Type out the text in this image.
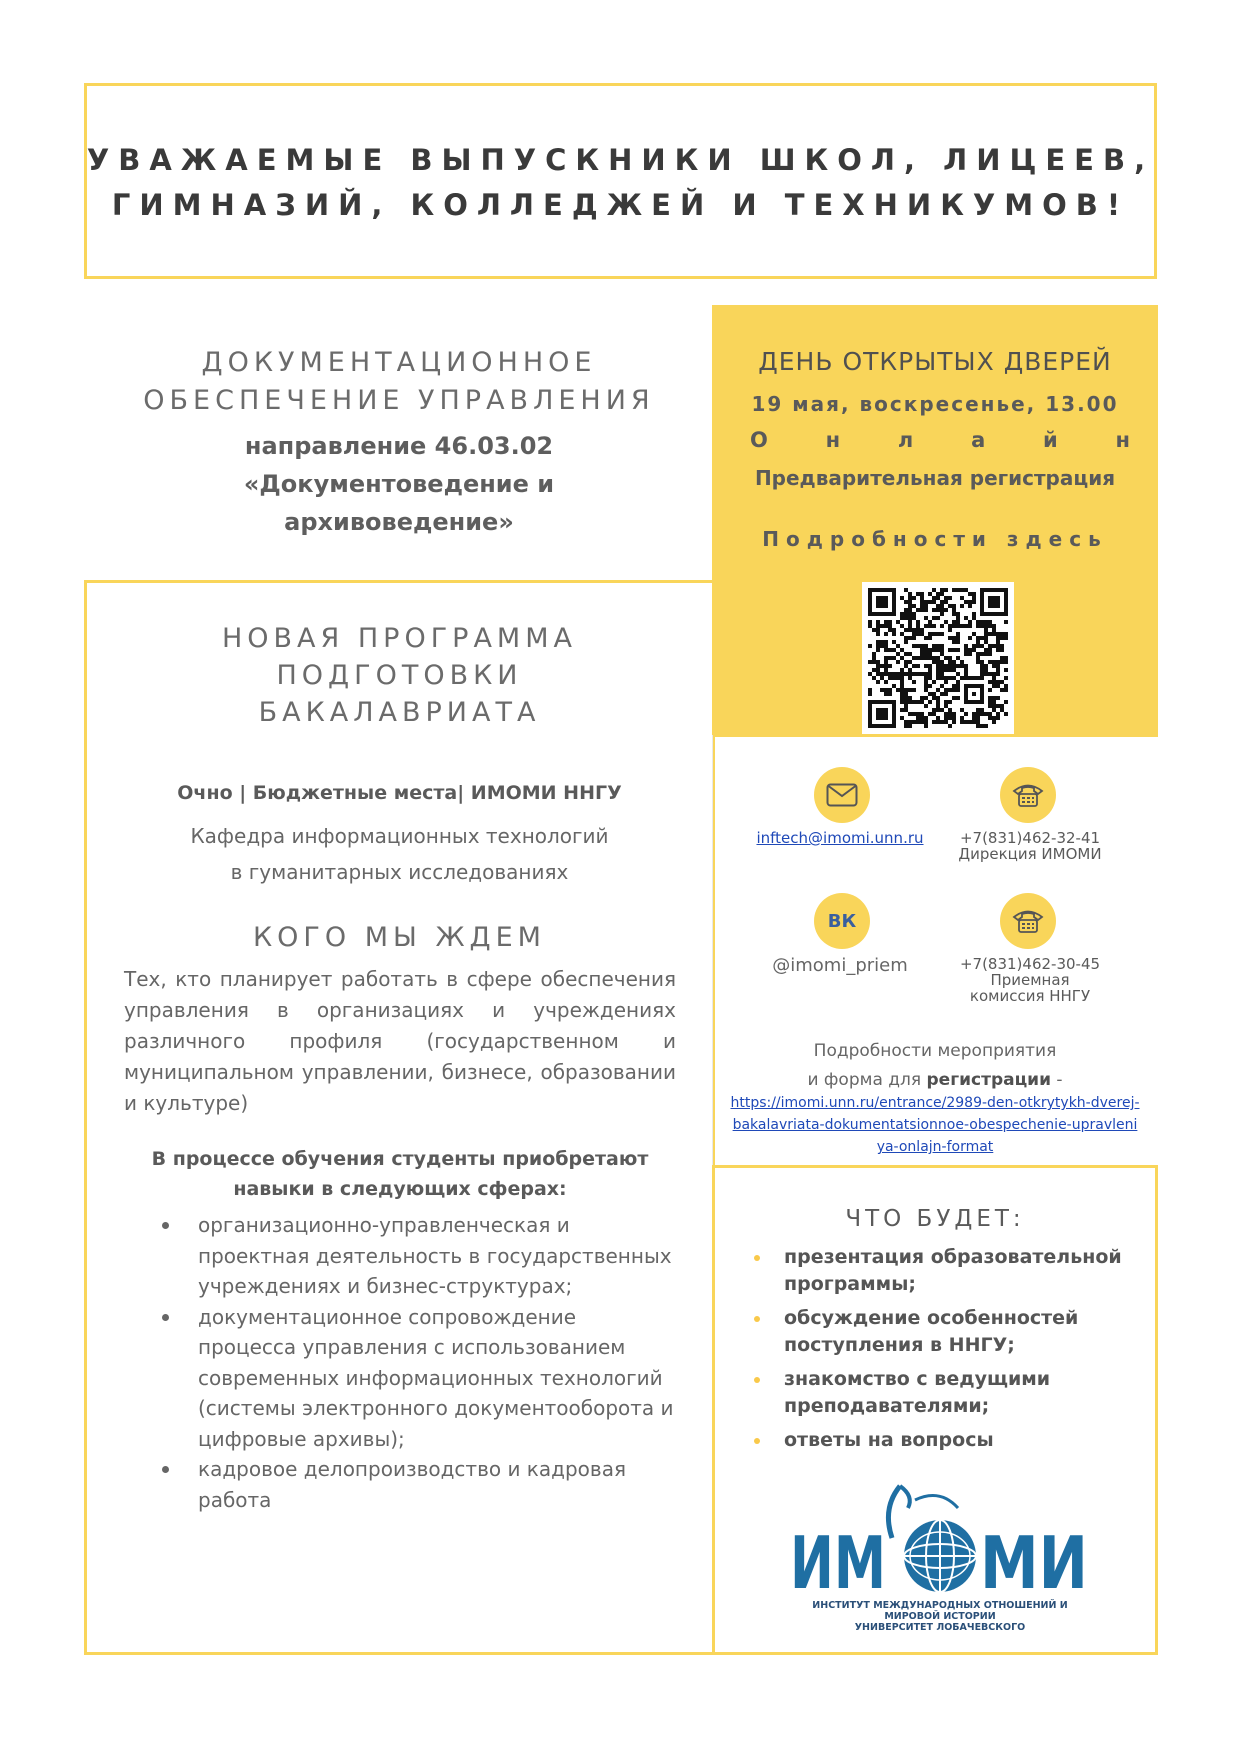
УВАЖАЕМЫЕ ВЫПУСКНИКИ ШКОЛ, ЛИЦЕЕВ,
ГИМНАЗИЙ, КОЛЛЕДЖЕЙ И ТЕХНИКУМОВ!
ДОКУМЕНТАЦИОННОЕ
ОБЕСПЕЧЕНИЕ УПРАВЛЕНИЯ
направление 46.03.02
«Документоведение и
архивоведение»
ДЕНЬ ОТКРЫТЫХ ДВЕРЕЙ
19 мая, воскресенье, 13.00
О	н	л	а	й	н
Предварительная регистрация
Подробности здесь
НОВАЯ ПРОГРАММА
ПОДГОТОВКИ
БАКАЛАВРИАТА
Очно | Бюджетные места| ИМОМИ ННГУ
Кафедра информационных технологий
в гуманитарных исследованиях
КОГО МЫ ЖДЕМ
Тех, кто планирует работать в сфере обеспечения управления в организациях и учреждениях различного профиля (государственном и муниципальном управлении, бизнесе, образовании и культуре)
В процессе обучения студенты приобретают
навыки в следующих сферах:
организационно-управленческая и проектная деятельность в государственных учреждениях и бизнес-структурах;
документационное сопровождение процесса управления с использованием современных информационных технологий (системы электронного документооборота и цифровые архивы);
кадровое делопроизводство и кадровая работа
inftech@imomi.unn.ru	+7(831)462-32-41
Дирекция ИМОМИ
ВК
@imomi_priem	+7(831)462-30-45
Приемная
комиссия ННГУ
Подробности мероприятия
и форма для регистрации -
https://imomi.unn.ru/entrance/2989-den-otkrytykh-dverej-bakalavriata-dokumentatsionnoe-obespechenie-upravleniya-onlajn-format
ЧТО БУДЕТ:
презентация образовательной программы;
обсуждение особенностей поступления в ННГУ;
знакомство с ведущими преподавателями;
ответы на вопросы
ИМ МИ
ИНСТИТУТ МЕЖДУНАРОДНЫХ ОТНОШЕНИЙ И МИРОВОЙ ИСТОРИИ
УНИВЕРСИТЕТ ЛОБАЧЕВСКОГО
